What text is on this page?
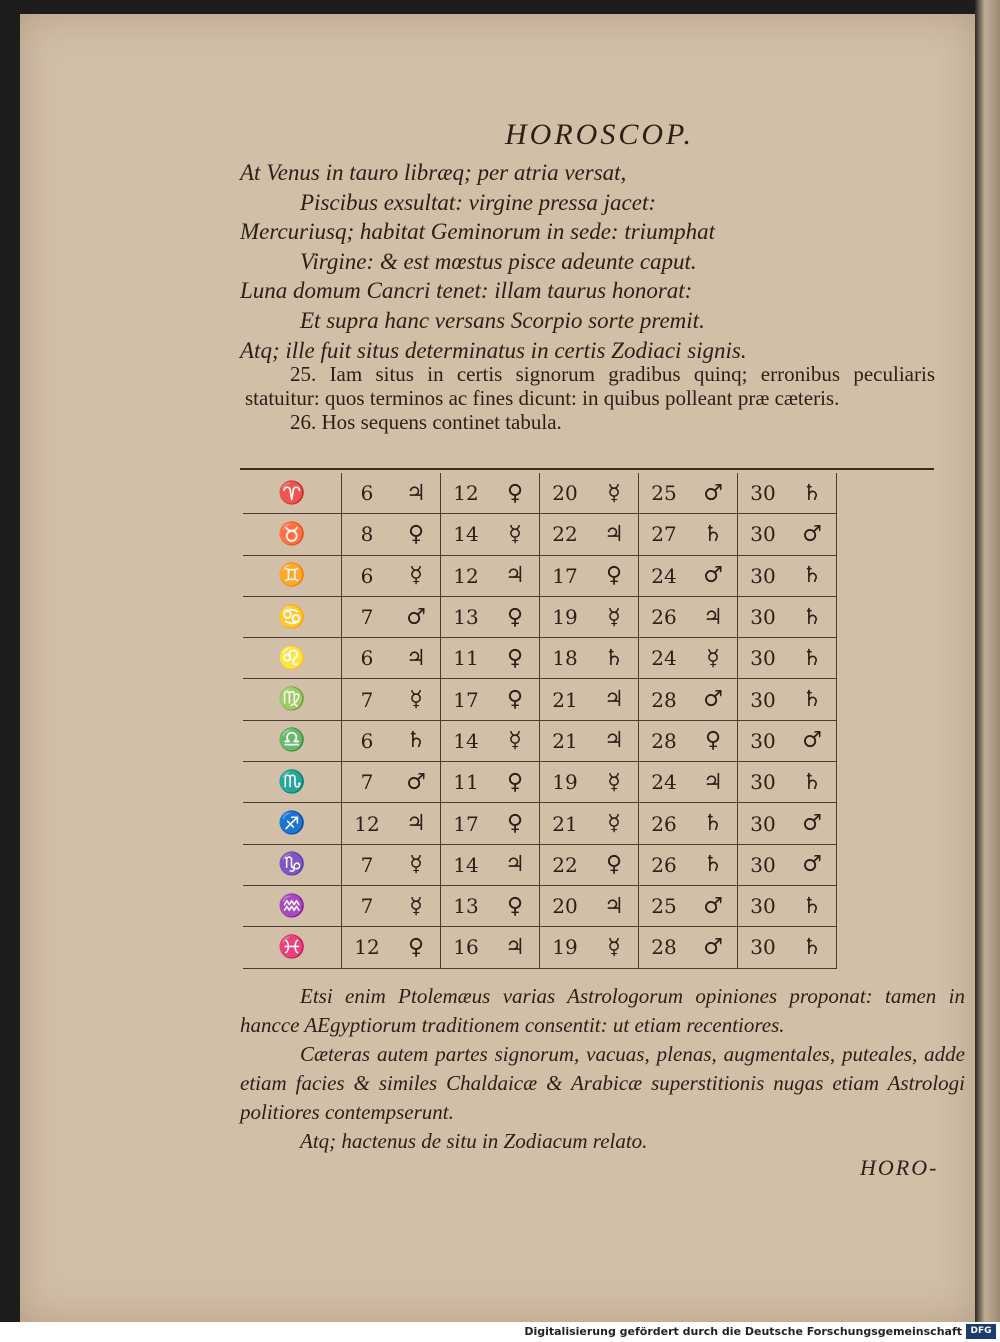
HOROSCOP.
At Venus in tauro libræq; per atria versat,
Piscibus exsultat: virgine pressa jacet:
Mercuriusq; habitat Geminorum in sede: triumphat
Virgine: & est mœstus pisce adeunte caput.
Luna domum Cancri tenet: illam taurus honorat:
Et supra hanc versans Scorpio sorte premit.
Atq; ille fuit situs determinatus in certis Zodiaci signis.

25. Iam situs in certis signorum gradibus quinq; erronibus peculiaris statuitur: quos terminos ac fines dicunt: in quibus polleant præ cæteris.

26. Hos sequens continet tabula.

♈	6	♃	12	♀	20	☿	25	♂	30	♄	
♉	8	♀	14	☿	22	♃	27	♄	30	♂	
♊	6	☿	12	♃	17	♀	24	♂	30	♄	
♋	7	♂	13	♀	19	☿	26	♃	30	♄	
♌	6	♃	11	♀	18	♄	24	☿	30	♄	
♍	7	☿	17	♀	21	♃	28	♂	30	♄	
♎	6	♄	14	☿	21	♃	28	♀	30	♂	
♏	7	♂	11	♀	19	☿	24	♃	30	♄	
♐	12	♃	17	♀	21	☿	26	♄	30	♂	
♑	7	☿	14	♃	22	♀	26	♄	30	♂	
♒	7	☿	13	♀	20	♃	25	♂	30	♄	
♓	12	♀	16	♃	19	☿	28	♂	30	♄	

Etsi enim Ptolemæus varias Astrologorum opiniones proponat: tamen in hancce AEgyptiorum traditionem consentit: ut etiam recentiores.

Cæteras autem partes signorum, vacuas, plenas, augmentales, puteales, adde etiam facies & similes Chaldaicæ & Arabicæ superstitionis nugas etiam Astrologi politiores contempserunt.

Atq; hactenus de situ in Zodiacum relato.

HORO-
Digitalisierung gefördert durch die Deutsche Forschungsgemeinschaft DFG
